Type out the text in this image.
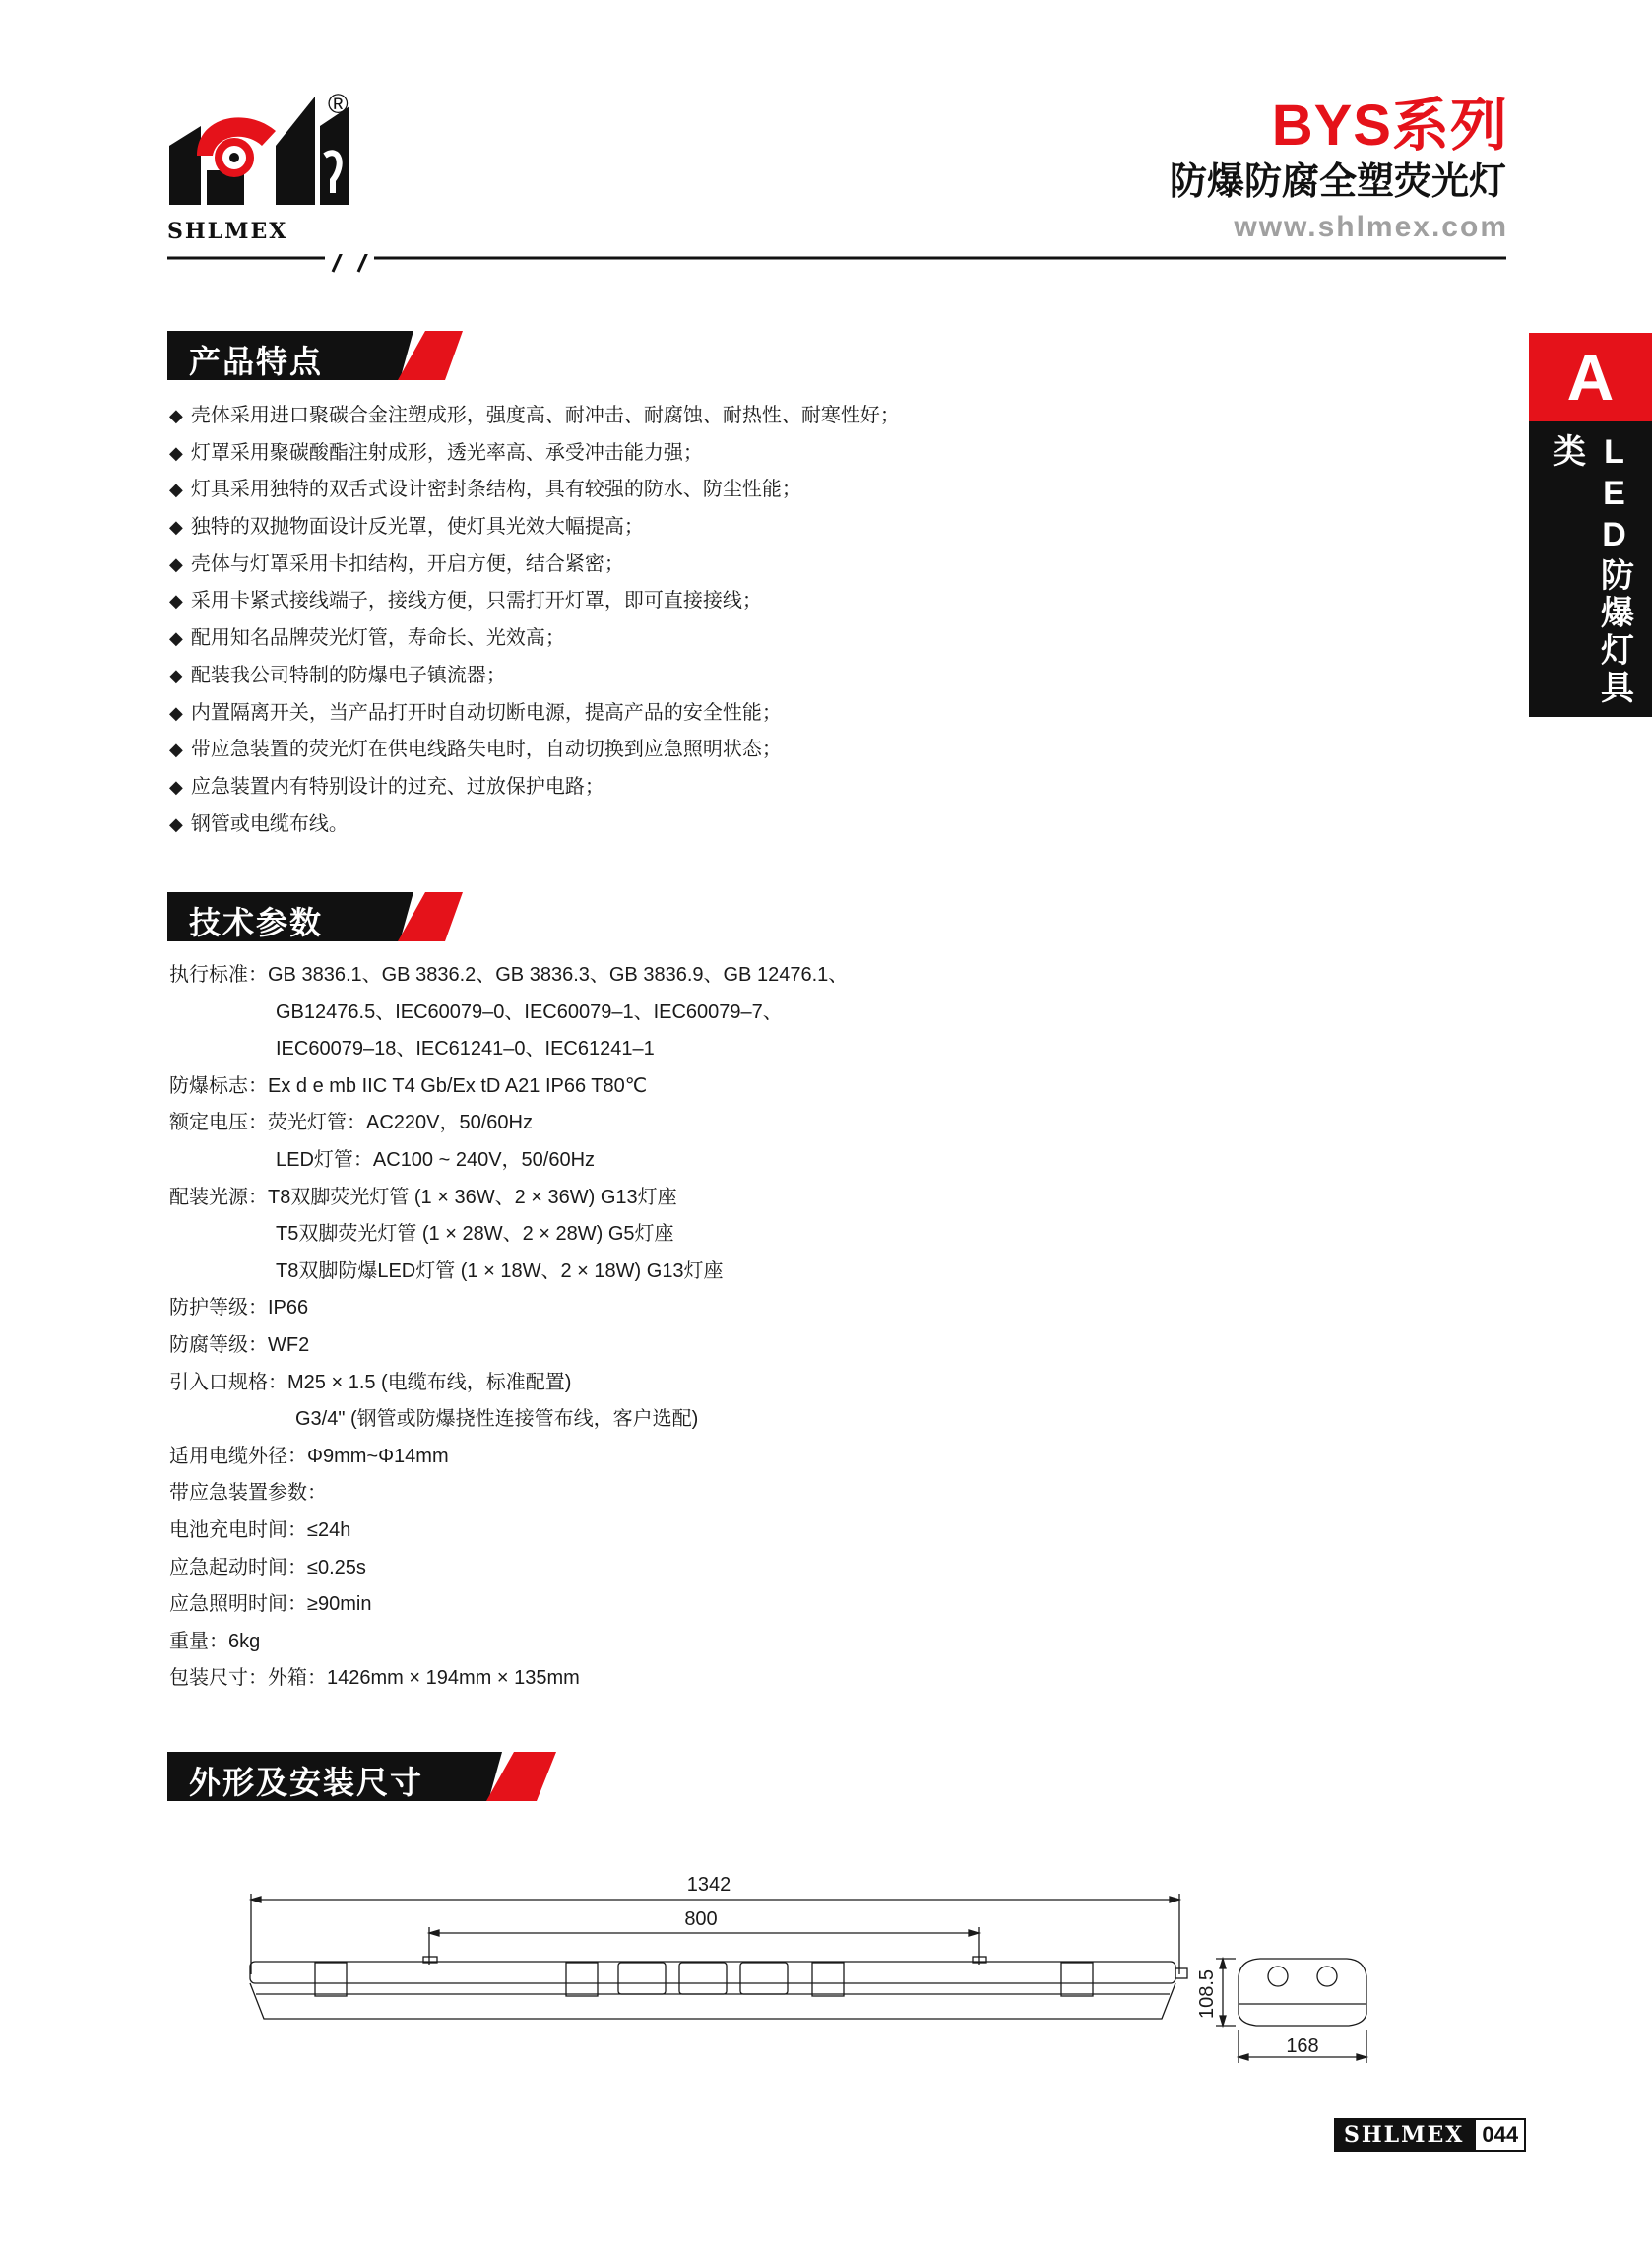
®
SHLMEX
BYS系列
防爆防腐全塑荧光灯
www.shlmex.com
A
LED防爆灯具类
产品特点
◆ 壳体采用进口聚碳合金注塑成形，强度高、耐冲击、耐腐蚀、耐热性、耐寒性好；
◆ 灯罩采用聚碳酸酯注射成形，透光率高、承受冲击能力强；
◆ 灯具采用独特的双舌式设计密封条结构，具有较强的防水、防尘性能；
◆ 独特的双抛物面设计反光罩，使灯具光效大幅提高；
◆ 壳体与灯罩采用卡扣结构，开启方便，结合紧密；
◆ 采用卡紧式接线端子，接线方便，只需打开灯罩，即可直接接线；
◆ 配用知名品牌荧光灯管，寿命长、光效高；
◆ 配装我公司特制的防爆电子镇流器；
◆ 内置隔离开关，当产品打开时自动切断电源，提高产品的安全性能；
◆ 带应急装置的荧光灯在供电线路失电时，自动切换到应急照明状态；
◆ 应急装置内有特别设计的过充、过放保护电路；
◆ 钢管或电缆布线。
技术参数
执行标准：GB 3836.1、GB 3836.2、GB 3836.3、GB 3836.9、GB 12476.1、
GB12476.5、IEC60079–0、IEC60079–1、IEC60079–7、
IEC60079–18、IEC61241–0、IEC61241–1
防爆标志：Ex d e mb IIC T4 Gb/Ex tD A21 IP66 T80℃
额定电压：荧光灯管：AC220V，50/60Hz
LED灯管：AC100 ~ 240V，50/60Hz
配装光源：T8双脚荧光灯管 (1 × 36W、2 × 36W) G13灯座
T5双脚荧光灯管 (1 × 28W、2 × 28W) G5灯座
T8双脚防爆LED灯管 (1 × 18W、2 × 18W) G13灯座
防护等级：IP66
防腐等级：WF2
引入口规格：M25 × 1.5 (电缆布线，标准配置)
G3/4" (钢管或防爆挠性连接管布线，客户选配)
适用电缆外径：Φ9mm~Φ14mm
带应急装置参数：
电池充电时间：≤24h
应急起动时间：≤0.25s
应急照明时间：≥90min
重量：6kg
包装尺寸：外箱：1426mm × 194mm × 135mm
外形及安装尺寸
1342
800
108.5
168
SHLMEX 044
